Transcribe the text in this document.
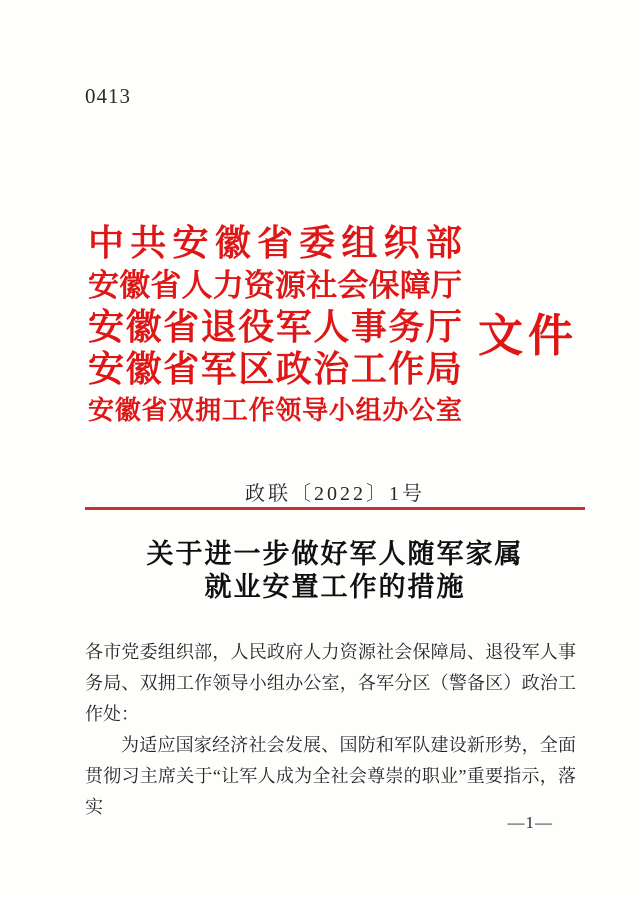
0413
中 共 安 徽 省 委 组 织 部
安 徽 省 人 力 资 源 社 会 保 障 厅
安 徽 省 退 役 军 人 事 务 厅
安 徽 省 军 区 政 治 工 作 局
安 徽 省 双 拥 工 作 领 导 小 组 办 公 室
文件
政联〔2022〕1号
关于进一步做好军人随军家属
就业安置工作的措施

各市党委组织部，人民政府人力资源社会保障局、退役军人事务局、双拥工作领导小组办公室，各军分区（警备区）政治工作处：

为适应国家经济社会发展、国防和军队建设新形势，全面贯彻习主席关于“让军人成为全社会尊崇的职业”重要指示，落实

—1—
